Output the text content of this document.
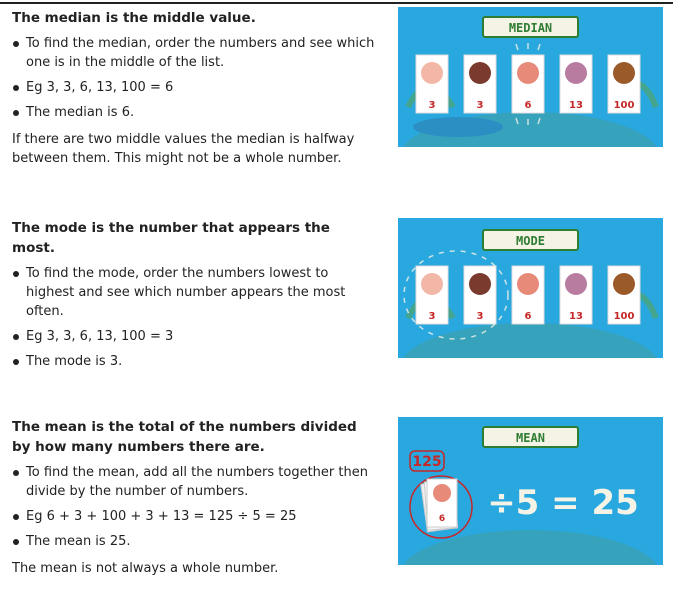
The median is the middle value.
To find the median, order the numbers and see which one is in the middle of the list.
Eg 3, 3, 6, 13, 100 = 6
The median is 6.
If there are two middle values the median is halfway between them. This might not be a whole number.
MEDIAN
3	3	6	13	100
The mode is the number that appears the most.
To find the mode, order the numbers lowest to highest and see which number appears the most often.
Eg 3, 3, 6, 13, 100 = 3
The mode is 3.
MODE
3	3	6	13	100
The mean is the total of the numbers divided by how many numbers there are.
To find the mean, add all the numbers together then divide by the number of numbers.
Eg 6 + 3 + 100 + 3 + 13 = 125 ÷ 5 = 25
The mean is 25.
The mean is not always a whole number.
MEAN
125
6 ÷5 = 25
